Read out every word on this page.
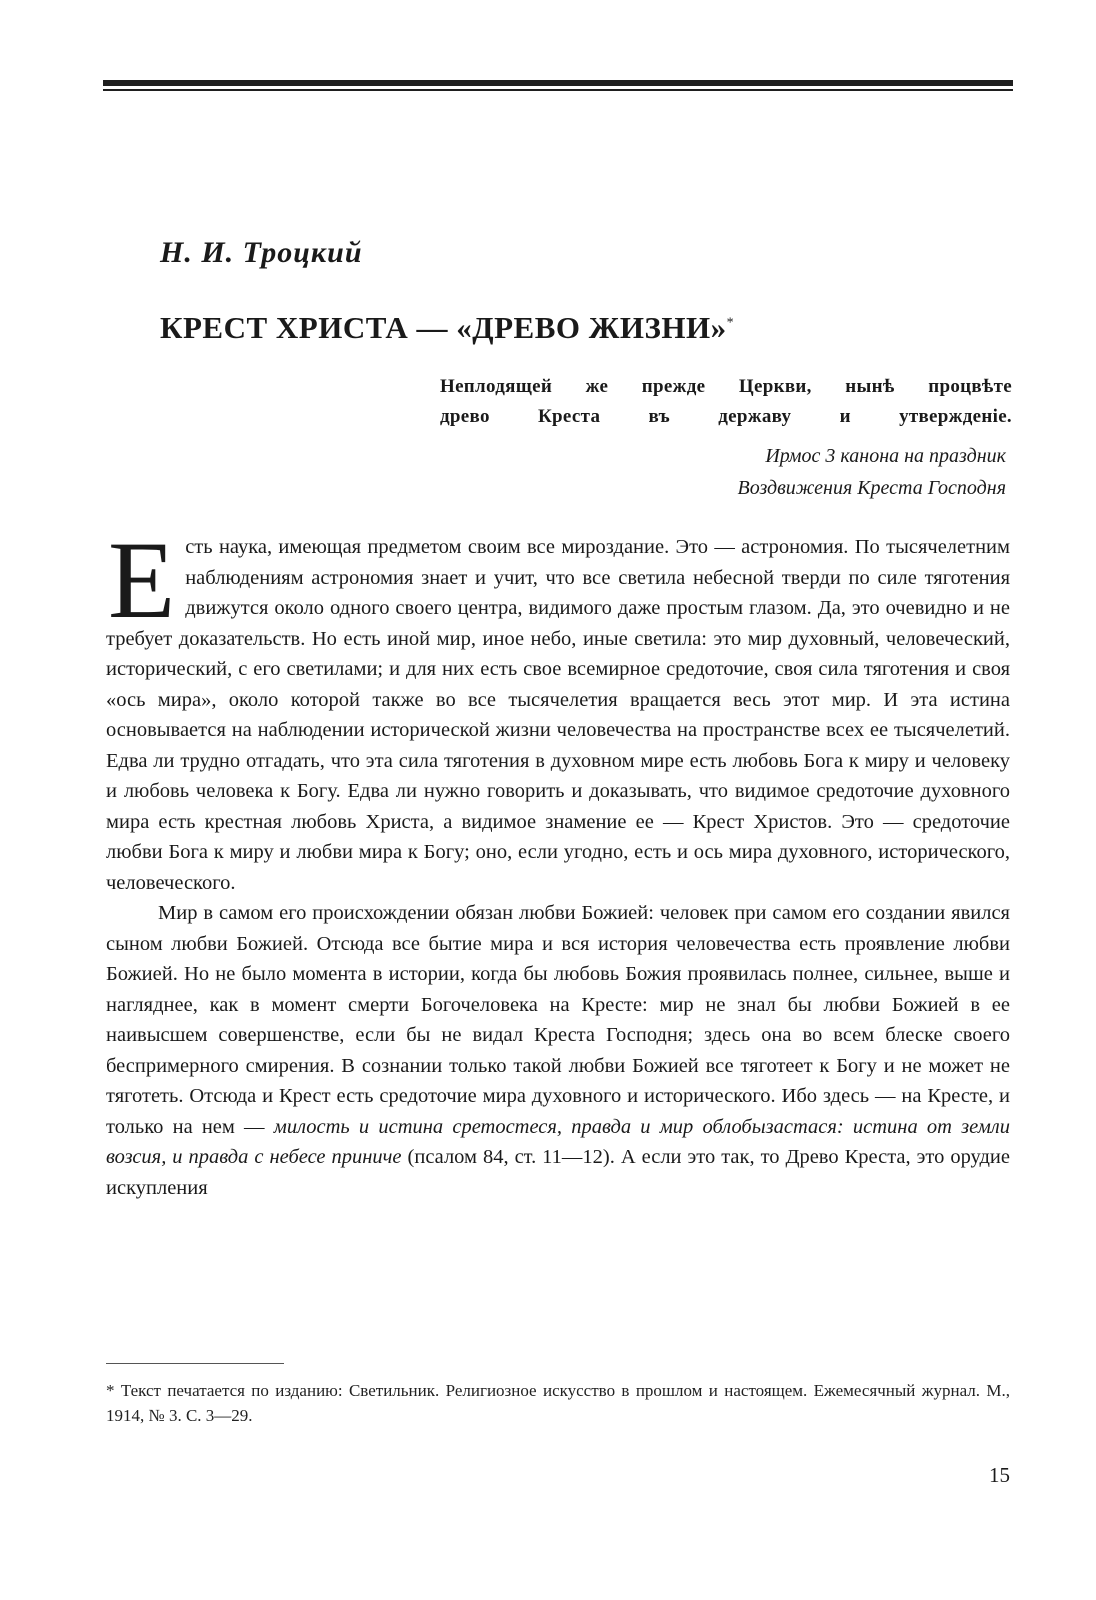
Н. И. Троцкий
КРЕСТ ХРИСТА — «ДРЕВО ЖИЗНИ»*
Неплодящей же прежде Церкви, нынѣ процвѣте
древо Креста въ державу и утвержденіе.
Ирмос 3 канона на праздник
Воздвижения Креста Господня

Есть наука, имеющая предметом своим все мироздание. Это — астрономия. По тысячелетним наблюдениям астрономия знает и учит, что все светила небесной тверди по силе тяготения движутся около одного своего центра, видимого даже простым глазом. Да, это очевидно и не требует доказательств. Но есть иной мир, иное небо, иные светила: это мир духовный, человеческий, исторический, с его светилами; и для них есть свое всемирное средоточие, своя сила тяготения и своя «ось мира», около которой также во все тысячелетия вращается весь этот мир. И эта истина основывается на наблюдении исторической жизни человечества на пространстве всех ее тысячелетий. Едва ли трудно отгадать, что эта сила тяготения в духовном мире есть любовь Бога к миру и человеку и любовь человека к Богу. Едва ли нужно говорить и доказывать, что видимое средоточие духовного мира есть крестная любовь Христа, а видимое знамение ее — Крест Христов. Это — средоточие любви Бога к миру и любви мира к Богу; оно, если угодно, есть и ось мира духовного, исторического, человеческого.

Мир в самом его происхождении обязан любви Божией: человек при самом его создании явился сыном любви Божией. Отсюда все бытие мира и вся история человечества есть проявление любви Божией. Но не было момента в истории, когда бы любовь Божия проявилась полнее, сильнее, выше и нагляднее, как в момент смерти Богочеловека на Кресте: мир не знал бы любви Божией в ее наивысшем совершенстве, если бы не видал Креста Господня; здесь она во всем блеске своего беспримерного смирения. В сознании только такой любви Божией все тяготеет к Богу и не может не тяготеть. Отсюда и Крест есть средоточие мира духовного и исторического. Ибо здесь — на Кресте, и только на нем — милость и истина сретостеся, правда и мир облобызастася: истина от земли возсия, и правда с небесе приниче (псалом 84, ст. 11—12). А если это так, то Древо Креста, это орудие искупления

* Текст печатается по изданию: Светильник. Религиозное искусство в прошлом и настоящем. Ежемесячный журнал. М., 1914, № 3. С. 3—29.
15
